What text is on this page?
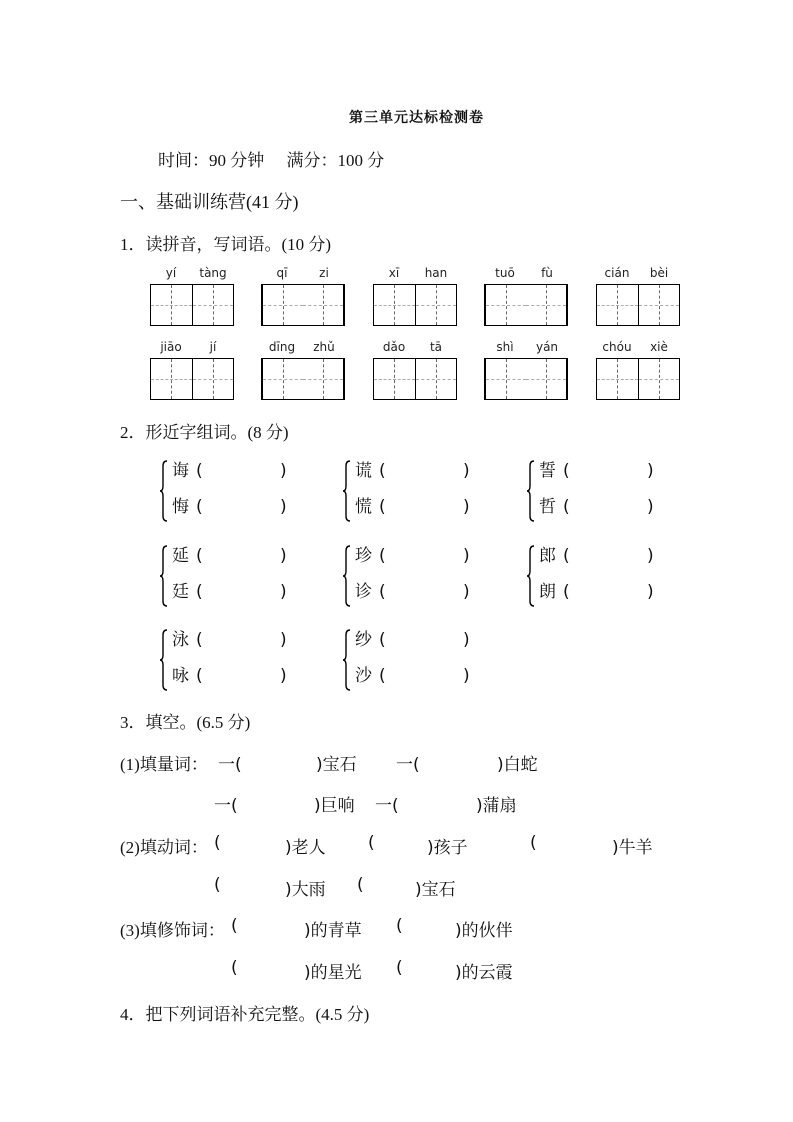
第三单元达标检测卷
时间：90 分钟 满分：100 分
一、基础训练营(41 分)
1．读拼音，写词语。(10 分)
yí	tàng	qī	zi	xī	han	tuō	fù	cián	bèi
jiāo	jí	dīng	zhǔ	dǎo	tā	shì	yán	chóu	xiè
2．形近字组词。(8 分)
诲 (	)
悔 (	)
谎 (	)
慌 (	)
誓 (	)
哲 (	)
延 (	)
廷 (	)
珍 (	)
诊 (	)
郎 (	)
朗 (	)
泳 (	)
咏 (	)
纱 (	)
沙 (	)
3．填空。(6.5 分)
(1)填量词： 一(	)宝石 一(	)白蛇
一(	)巨响 一(	)蒲扇
(2)填动词： (	)老人 (	)孩子	(	)牛羊
(	)大雨 (	)宝石
(3)填修饰词： (	)的青草 (	)的伙伴
(	)的星光 (	)的云霞
4．把下列词语补充完整。(4.5 分)
